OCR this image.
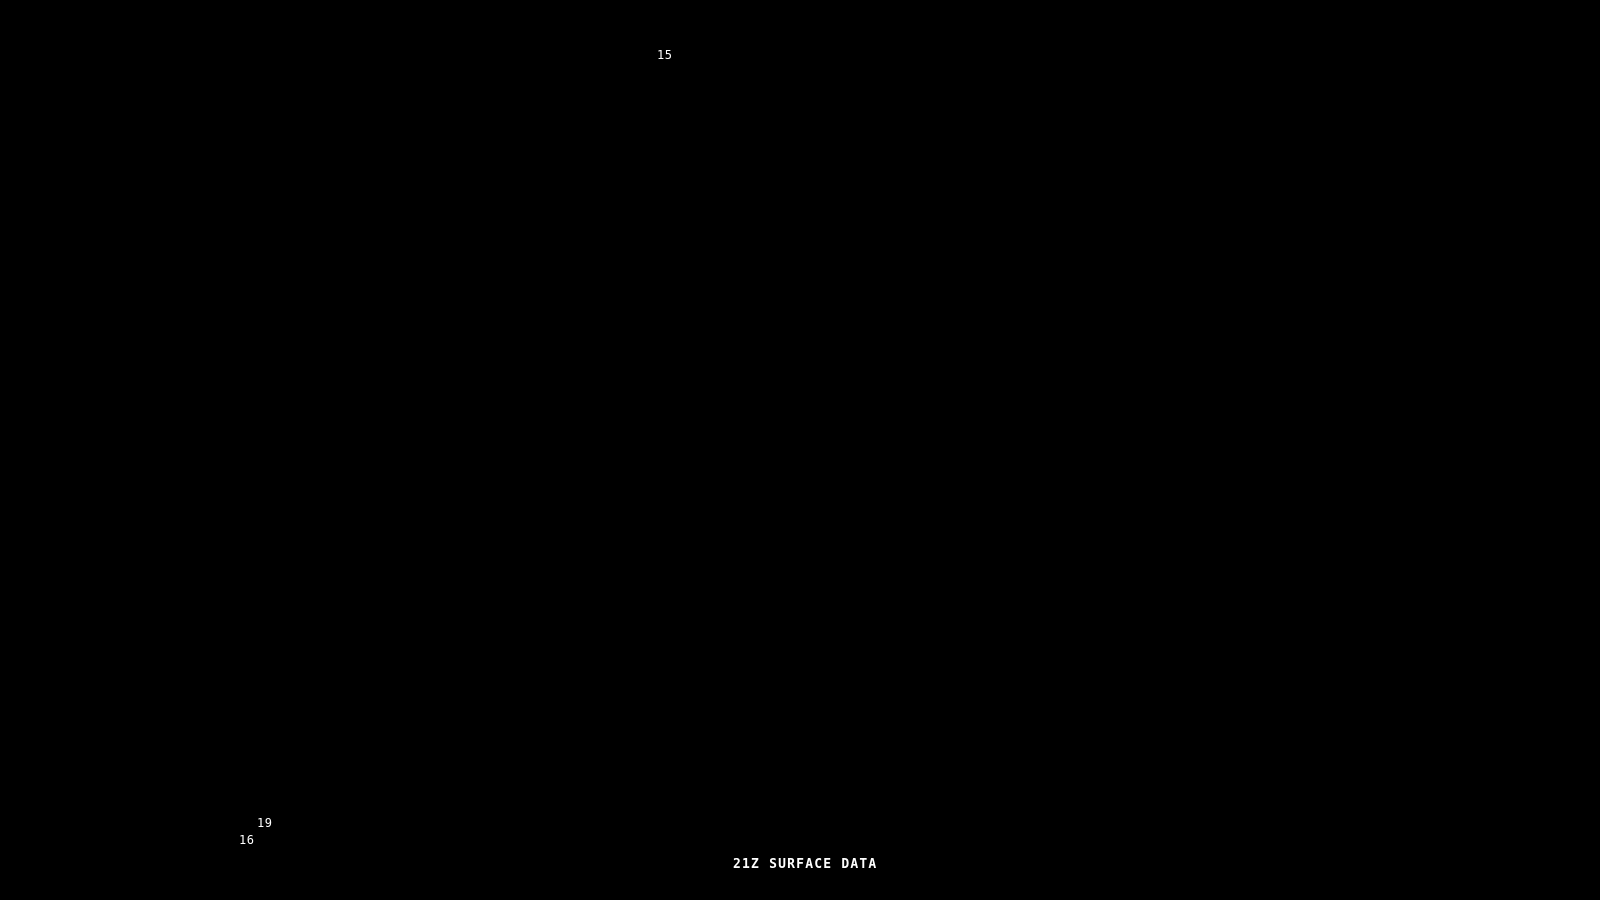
15
19
16
21Z SURFACE DATA
